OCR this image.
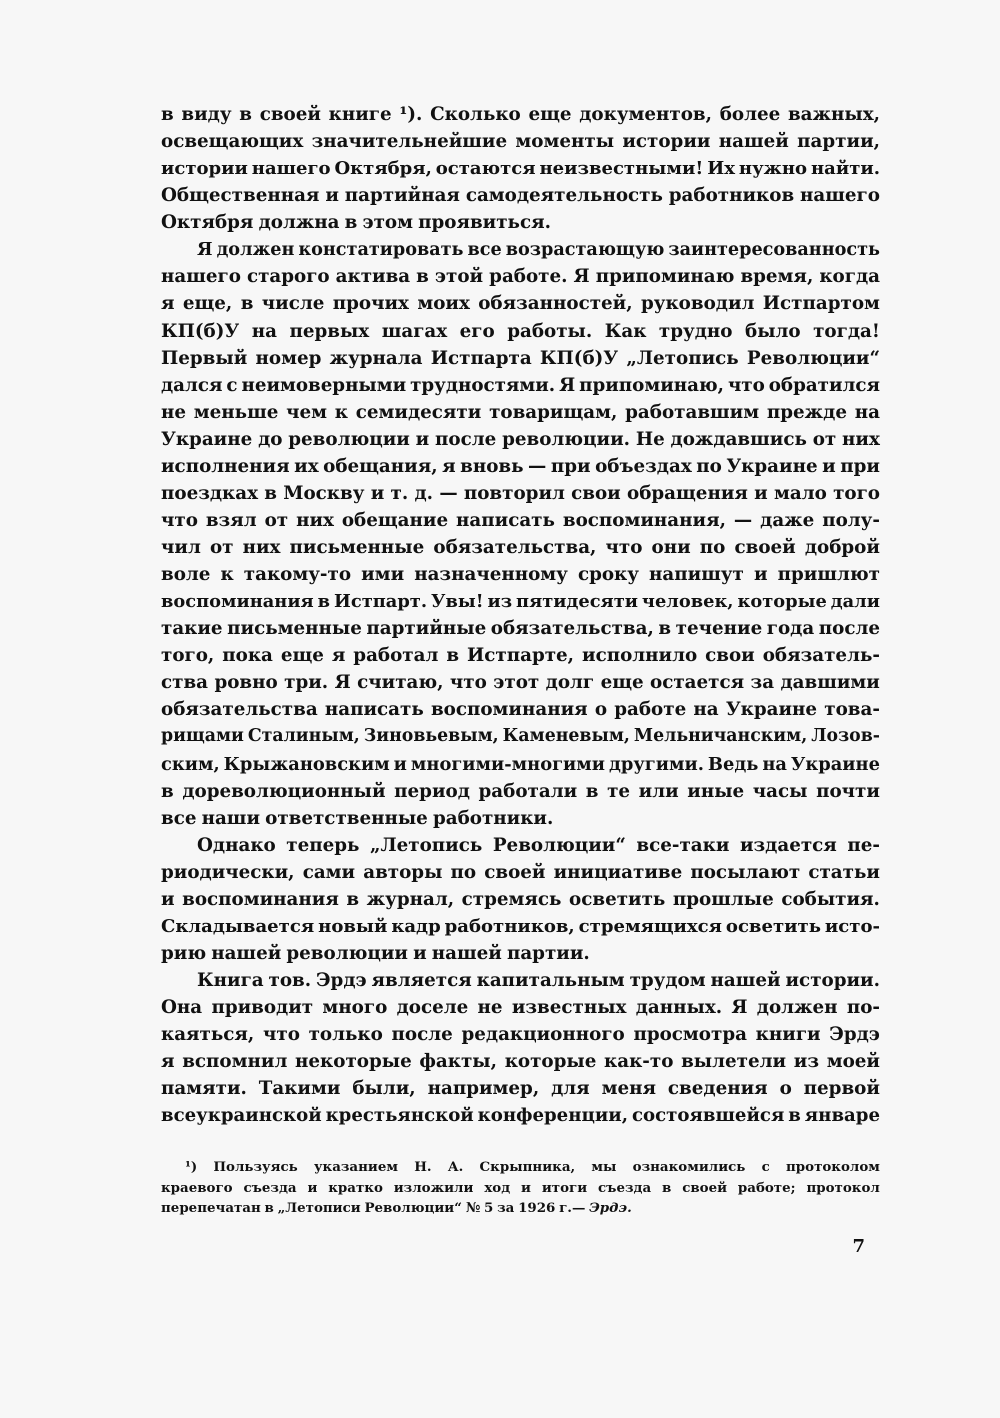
в виду в своей книге ¹). Сколько еще документов, более важных,
освещающих значительнейшие моменты истории нашей партии,
истории нашего Октября, остаются неизвестными! Их нужно найти.
Общественная и партийная самодеятельность работников нашего
Октября должна в этом проявиться.
Я должен констатировать все возрастающую заинтересованность
нашего старого актива в этой работе. Я припоминаю время, когда
я еще, в числе прочих моих обязанностей, руководил Истпартом
КП(б)У на первых шагах его работы. Как трудно было тогда!
Первый номер журнала Истпарта КП(б)У „Летопись Революции“
дался с неимоверными трудностями. Я припоминаю, что обратился
не меньше чем к семидесяти товарищам, работавшим прежде на
Украине до революции и после революции. Не дождавшись от них
исполнения их обещания, я вновь — при объездах по Украине и при
поездках в Москву и т. д. — повторил свои обращения и мало того
что взял от них обещание написать воспоминания, — даже полу-
чил от них письменные обязательства, что они по своей доброй
воле к такому-то ими назначенному сроку напишут и пришлют
воспоминания в Истпарт. Увы! из пятидесяти человек, которые дали
такие письменные партийные обязательства, в течение года после
того, пока еще я работал в Истпарте, исполнило свои обязатель-
ства ровно три. Я считаю, что этот долг еще остается за давшими
обязательства написать воспоминания о работе на Украине това-
рищами Сталиным, Зиновьевым, Каменевым, Мельничанским, Лозов-
ским, Крыжановским и многими-многими другими. Ведь на Украине
в дореволюционный период работали в те или иные часы почти
все наши ответственные работники.
Однако теперь „Летопись Революции“ все-таки издается пе-
риодически, сами авторы по своей инициативе посылают статьи
и воспоминания в журнал, стремясь осветить прошлые события.
Складывается новый кадр работников, стремящихся осветить исто-
рию нашей революции и нашей партии.
Книга тов. Эрдэ является капитальным трудом нашей истории.
Она приводит много доселе не известных данных. Я должен по-
каяться, что только после редакционного просмотра книги Эрдэ
я вспомнил некоторые факты, которые как-то вылетели из моей
памяти. Такими были, например, для меня сведения о первой
всеукраинской крестьянской конференции, состоявшейся в январе
¹) Пользуясь указанием Н. А. Скрыпника, мы ознакомились с протоколом
краевого съезда и кратко изложили ход и итоги съезда в своей работе; протокол
перепечатан в „Летописи Революции“ № 5 за 1926 г.— Эрдэ.
7
